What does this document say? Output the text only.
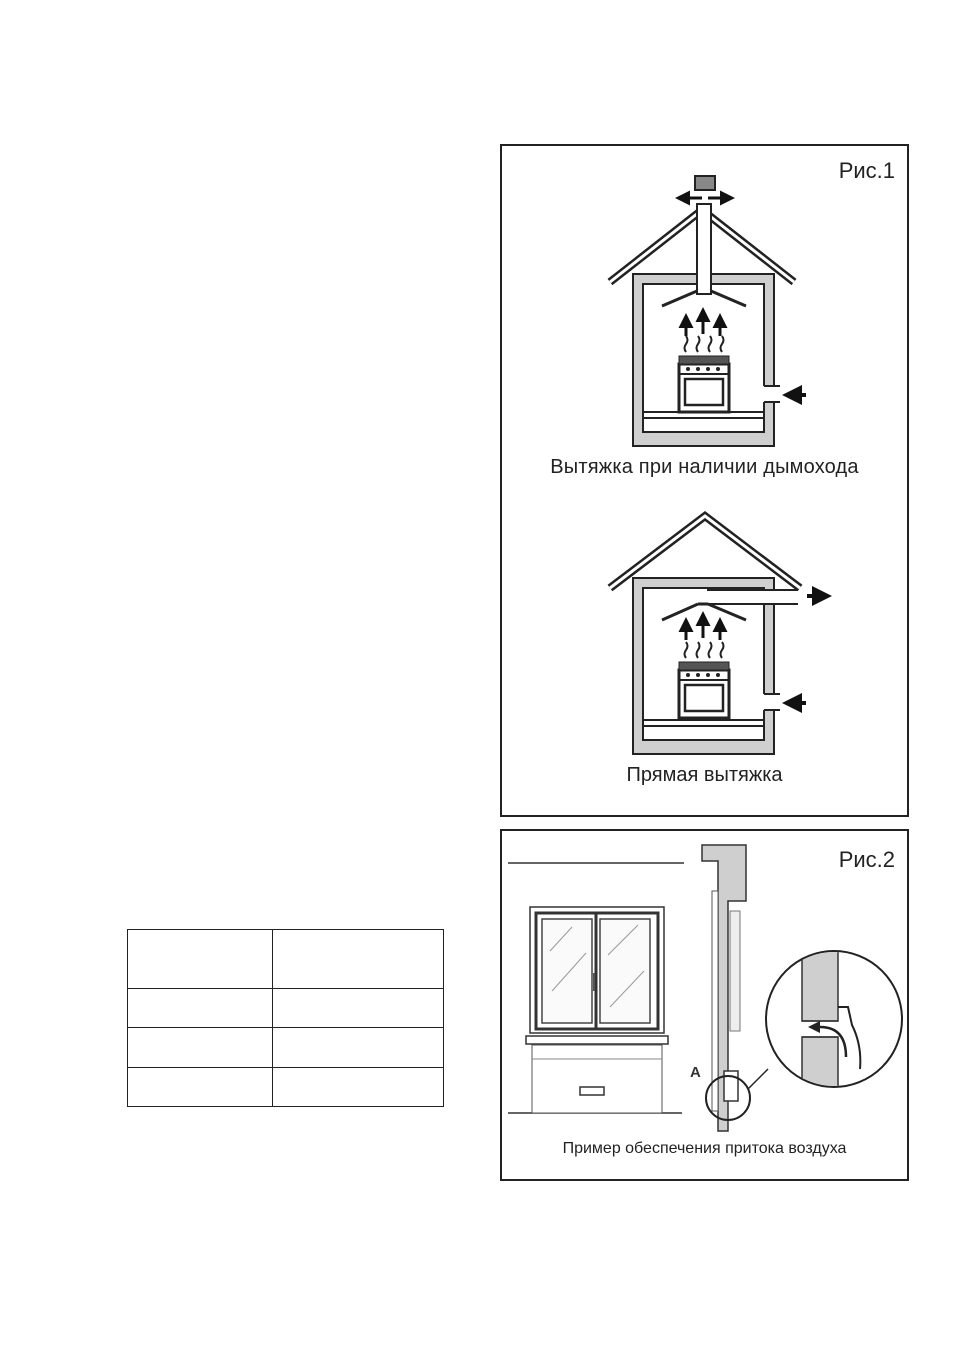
Рис.1
Вытяжка при наличии дымохода
Прямая вытяжка
Рис.2
A
Пример обеспечения притока воздуха
